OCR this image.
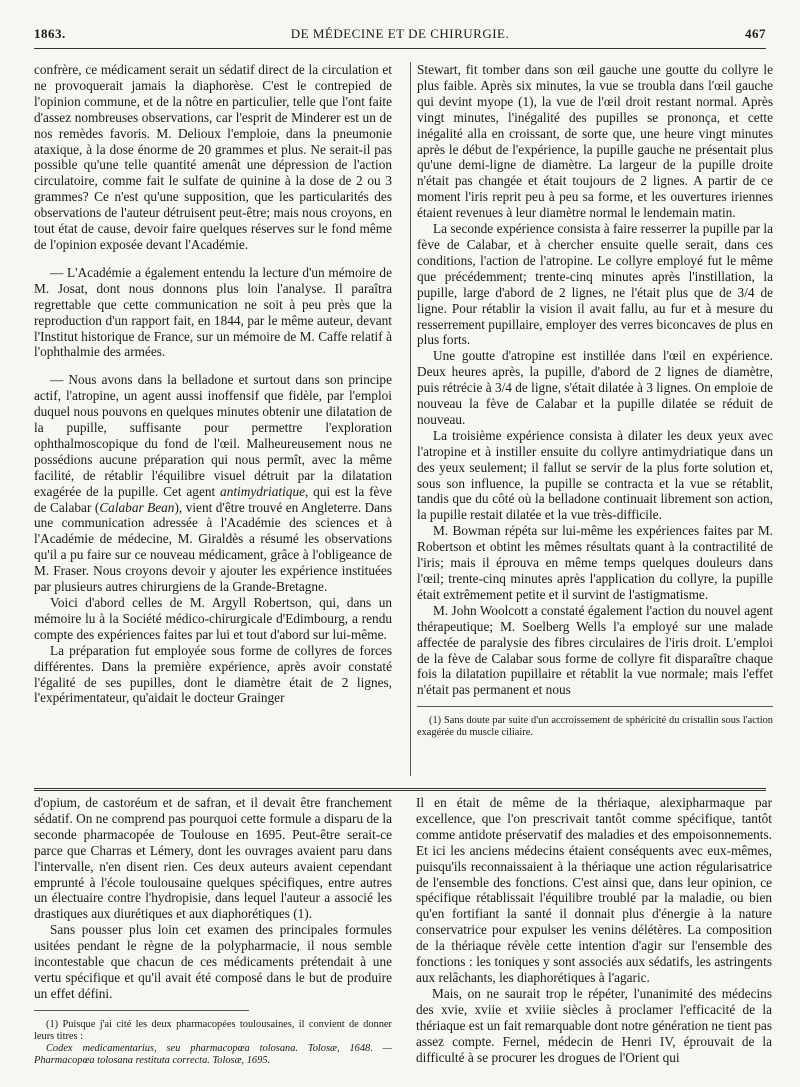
1863.	DE MÉDECINE ET DE CHIRURGIE.	467

confrère, ce médicament serait un sédatif direct de la circulation et ne provoquerait jamais la diaphorèse. C'est le contrepied de l'opinion commune, et de la nôtre en particulier, telle que l'ont faite d'assez nombreuses observations, car l'esprit de Minderer est un de nos remèdes favoris. M. Delioux l'emploie, dans la pneumonie ataxique, à la dose énorme de 20 grammes et plus. Ne serait-il pas possible qu'une telle quantité amenât une dépression de l'action circulatoire, comme fait le sulfate de quinine à la dose de 2 ou 3 grammes? Ce n'est qu'une supposition, que les particularités des observations de l'auteur détruisent peut-être; mais nous croyons, en tout état de cause, devoir faire quelques réserves sur le fond même de l'opinion exposée devant l'Académie.

— L'Académie a également entendu la lecture d'un mémoire de M. Josat, dont nous donnons plus loin l'analyse. Il paraîtra regrettable que cette communication ne soit à peu près que la reproduction d'un rapport fait, en 1844, par le même auteur, devant l'Institut historique de France, sur un mémoire de M. Caffe relatif à l'ophthalmie des armées.

— Nous avons dans la belladone et surtout dans son principe actif, l'atropine, un agent aussi inoffensif que fidèle, par l'emploi duquel nous pouvons en quelques minutes obtenir une dilatation de la pupille, suffisante pour permettre l'exploration ophthalmoscopique du fond de l'œil. Malheureusement nous ne possédions aucune préparation qui nous permît, avec la même facilité, de rétablir l'équilibre visuel détruit par la dilatation exagérée de la pupille. Cet agent antimydriatique, qui est la fève de Calabar (Calabar Bean), vient d'être trouvé en Angleterre. Dans une communication adressée à l'Académie des sciences et à l'Académie de médecine, M. Giraldès a résumé les observations qu'il a pu faire sur ce nouveau médicament, grâce à l'obligeance de M. Fraser. Nous croyons devoir y ajouter les expérience instituées par plusieurs autres chirurgiens de la Grande-Bretagne.

Voici d'abord celles de M. Argyll Robertson, qui, dans un mémoire lu à la Société médico-chirurgicale d'Edimbourg, a rendu compte des expériences faites par lui et tout d'abord sur lui-même.

La préparation fut employée sous forme de collyres de forces différentes. Dans la première expérience, après avoir constaté l'égalité de ses pupilles, dont le diamètre était de 2 lignes, l'expérimentateur, qu'aidait le docteur Grainger

Stewart, fit tomber dans son œil gauche une goutte du collyre le plus faible. Après six minutes, la vue se troubla dans l'œil gauche qui devint myope (1), la vue de l'œil droit restant normal. Après vingt minutes, l'inégalité des pupilles se prononça, et cette inégalité alla en croissant, de sorte que, une heure vingt minutes après le début de l'expérience, la pupille gauche ne présentait plus qu'une demi-ligne de diamètre. La largeur de la pupille droite n'était pas changée et était toujours de 2 lignes. A partir de ce moment l'iris reprit peu à peu sa forme, et les ouvertures iriennes étaient revenues à leur diamètre normal le lendemain matin.

La seconde expérience consista à faire resserrer la pupille par la fève de Calabar, et à chercher ensuite quelle serait, dans ces conditions, l'action de l'atropine. Le collyre employé fut le même que précédemment; trente-cinq minutes après l'instillation, la pupille, large d'abord de 2 lignes, ne l'était plus que de 3/4 de ligne. Pour rétablir la vision il avait fallu, au fur et à mesure du resserrement pupillaire, employer des verres biconcaves de plus en plus forts.

Une goutte d'atropine est instillée dans l'œil en expérience. Deux heures après, la pupille, d'abord de 2 lignes de diamètre, puis rétrécie à 3/4 de ligne, s'était dilatée à 3 lignes. On emploie de nouveau la fève de Calabar et la pupille dilatée se réduit de nouveau.

La troisième expérience consista à dilater les deux yeux avec l'atropine et à instiller ensuite du collyre antimydriatique dans un des yeux seulement; il fallut se servir de la plus forte solution et, sous son influence, la pupille se contracta et la vue se rétablit, tandis que du côté où la belladone continuait librement son action, la pupille restait dilatée et la vue très-difficile.

M. Bowman répéta sur lui-même les expériences faites par M. Robertson et obtint les mêmes résultats quant à la contractilité de l'iris; mais il éprouva en même temps quelques douleurs dans l'œil; trente-cinq minutes après l'application du collyre, la pupille était extrêmement petite et il survint de l'astigmatisme.

M. John Woolcott a constaté également l'action du nouvel agent thérapeutique; M. Soelberg Wells l'a employé sur une malade affectée de paralysie des fibres circulaires de l'iris droit. L'emploi de la fève de Calabar sous forme de collyre fit disparaître chaque fois la dilatation pupillaire et rétablit la vue normale; mais l'effet n'était pas permanent et nous

(1) Sans doute par suite d'un accroissement de sphéricité du cristallin sous l'action exagérée du muscle ciliaire.

d'opium, de castoréum et de safran, et il devait être franchement sédatif. On ne comprend pas pourquoi cette formule a disparu de la seconde pharmacopée de Toulouse en 1695. Peut-être serait-ce parce que Charras et Lémery, dont les ouvrages avaient paru dans l'intervalle, n'en disent rien. Ces deux auteurs avaient cependant emprunté à l'école toulousaine quelques spécifiques, entre autres un électuaire contre l'hydropisie, dans lequel l'auteur a associé les drastiques aux diurétiques et aux diaphorétiques (1).

Sans pousser plus loin cet examen des principales formules usitées pendant le règne de la polypharmacie, il nous semble incontestable que chacun de ces médicaments prétendait à une vertu spécifique et qu'il avait été composé dans le but de produire un effet défini.

(1) Puisque j'ai cité les deux pharmacopées toulousaines, il convient de donner leurs titres :

Codex medicamentarius, seu pharmacopœa tolosana. Tolosæ, 1648. — Pharmacopœa tolosana restituta correcta. Tolosæ, 1695.

Il en était de même de la thériaque, alexipharmaque par excellence, que l'on prescrivait tantôt comme spécifique, tantôt comme antidote préservatif des maladies et des empoisonnements. Et ici les anciens médecins étaient conséquents avec eux-mêmes, puisqu'ils reconnaissaient à la thériaque une action régularisatrice de l'ensemble des fonctions. C'est ainsi que, dans leur opinion, ce spécifique rétablissait l'équilibre troublé par la maladie, ou bien qu'en fortifiant la santé il donnait plus d'énergie à la nature conservatrice pour expulser les venins délétères. La composition de la thériaque révèle cette intention d'agir sur l'ensemble des fonctions : les toniques y sont associés aux sédatifs, les astringents aux relâchants, les diaphorétiques à l'agaric.

Mais, on ne saurait trop le répéter, l'unanimité des médecins des xvie, xviie et xviiie siècles à proclamer l'efficacité de la thériaque est un fait remarquable dont notre génération ne tient pas assez compte. Fernel, médecin de Henri IV, éprouvait de la difficulté à se procurer les drogues de l'Orient qui
